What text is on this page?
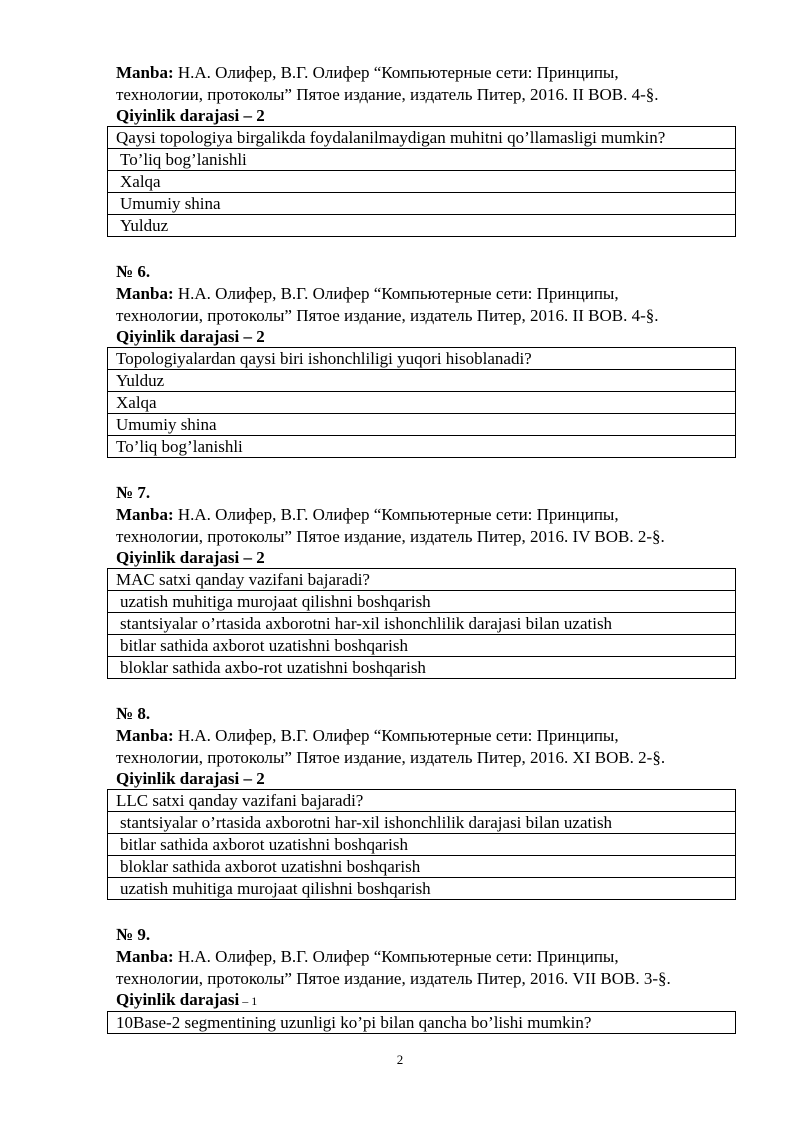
Manba: Н.А. Олифер, В.Г. Олифер “Компьютерные сети: Принципы,
технологии, протоколы” Пятое издание, издатель Питер, 2016. II BOB. 4-§.
Qiyinlik darajasi – 2
Qaysi topologiya birgalikda foydalanilmaydigan muhitni qo’llamasligi mumkin?
To’liq bog’lanishli
Xalqa
Umumiy shina
Yulduz
№ 6.
Manba: Н.А. Олифер, В.Г. Олифер “Компьютерные сети: Принципы,
технологии, протоколы” Пятое издание, издатель Питер, 2016. II BOB. 4-§.
Qiyinlik darajasi – 2
Topologiyalardan qaysi biri ishonchliligi yuqori hisoblanadi?
Yulduz
Xalqa
Umumiy shina
To’liq bog’lanishli
№ 7.
Manba: Н.А. Олифер, В.Г. Олифер “Компьютерные сети: Принципы,
технологии, протоколы” Пятое издание, издатель Питер, 2016. IV BOB. 2-§.
Qiyinlik darajasi – 2
MAC satxi qanday vazifani bajaradi?
uzatish muhitiga murojaat qilishni boshqarish
stantsiyalar o’rtasida axborotni har-xil ishonchlilik darajasi bilan uzatish
bitlar sathida axborot uzatishni boshqarish
bloklar sathida axbo-rot uzatishni boshqarish
№ 8.
Manba: Н.А. Олифер, В.Г. Олифер “Компьютерные сети: Принципы,
технологии, протоколы” Пятое издание, издатель Питер, 2016. XI BOB. 2-§.
Qiyinlik darajasi – 2
LLC satxi qanday vazifani bajaradi?
stantsiyalar o’rtasida axborotni har-xil ishonchlilik darajasi bilan uzatish
bitlar sathida axborot uzatishni boshqarish
bloklar sathida axborot uzatishni boshqarish
uzatish muhitiga murojaat qilishni boshqarish
№ 9.
Manba: Н.А. Олифер, В.Г. Олифер “Компьютерные сети: Принципы,
технологии, протоколы” Пятое издание, издатель Питер, 2016. VII BOB. 3-§.
Qiyinlik darajasi – 1
10Base-2 segmentining uzunligi ko’pi bilan qancha bo’lishi mumkin?
2
